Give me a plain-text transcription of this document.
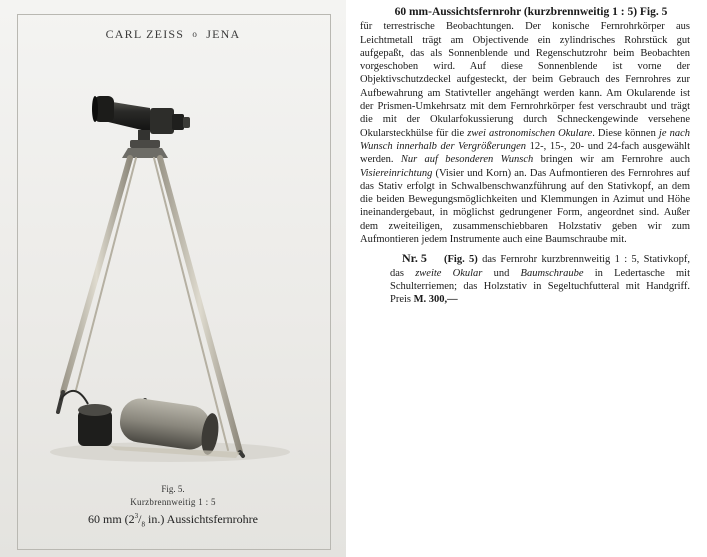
CARL ZEISS o JENA
Fig. 5.
Kurzbrennweitig 1 : 5
60 mm ($2^3/_8$ in.) Aussichtsfernrohre
60 mm-Aussichtsfernrohr (kurzbrennweitig 1 : 5) Fig. 5

für terrestrische Beobachtungen. Der konische Fernrohrkörper aus Leichtmetall trägt am Objectivende ein zylindrisches Rohrstück gut aufgepaßt, das als Sonnenblende und Regenschutzrohr beim Beobachten vorgeschoben wird. Auf diese Sonnenblende ist vorne der Objektivschutzdeckel aufgesteckt, der beim Gebrauch des Fernrohres zur Aufbewahrung am Stativteller angehängt werden kann. Am Okularende ist der Prismen-Umkehrsatz mit dem Fernrohrkörper fest verschraubt und trägt die mit der Okularfokussierung durch Schneckengewinde versehene Okularsteckhülse für die zwei astronomischen Okulare. Diese können je nach Wunsch innerhalb der Vergrößerungen 12-, 15-, 20- und 24-fach ausgewählt werden. Nur auf besonderen Wunsch bringen wir am Fernrohre auch Visiereinrichtung (Visier und Korn) an. Das Aufmontieren des Fernrohres auf das Stativ erfolgt in Schwalbenschwanzführung auf den Stativkopf, an dem die beiden Bewegungsmöglichkeiten und Klemmungen in Azimut und Höhe ineinandergebaut, in möglichst gedrungener Form, angeordnet sind. Außer dem zweiteiligen, zusammenschiebbaren Holzstativ geben wir zum Aufmontieren jedem Instrumente auch eine Baumschraube mit.

Nr. 5	(Fig. 5) das Fernrohr kurzbrennweitig 1 : 5, Stativkopf, das zweite Okular und Baumschraube in Ledertasche mit Schulterriemen; das Holzstativ in Segeltuchfutteral mit Handgriff. Preis M. 300,—
